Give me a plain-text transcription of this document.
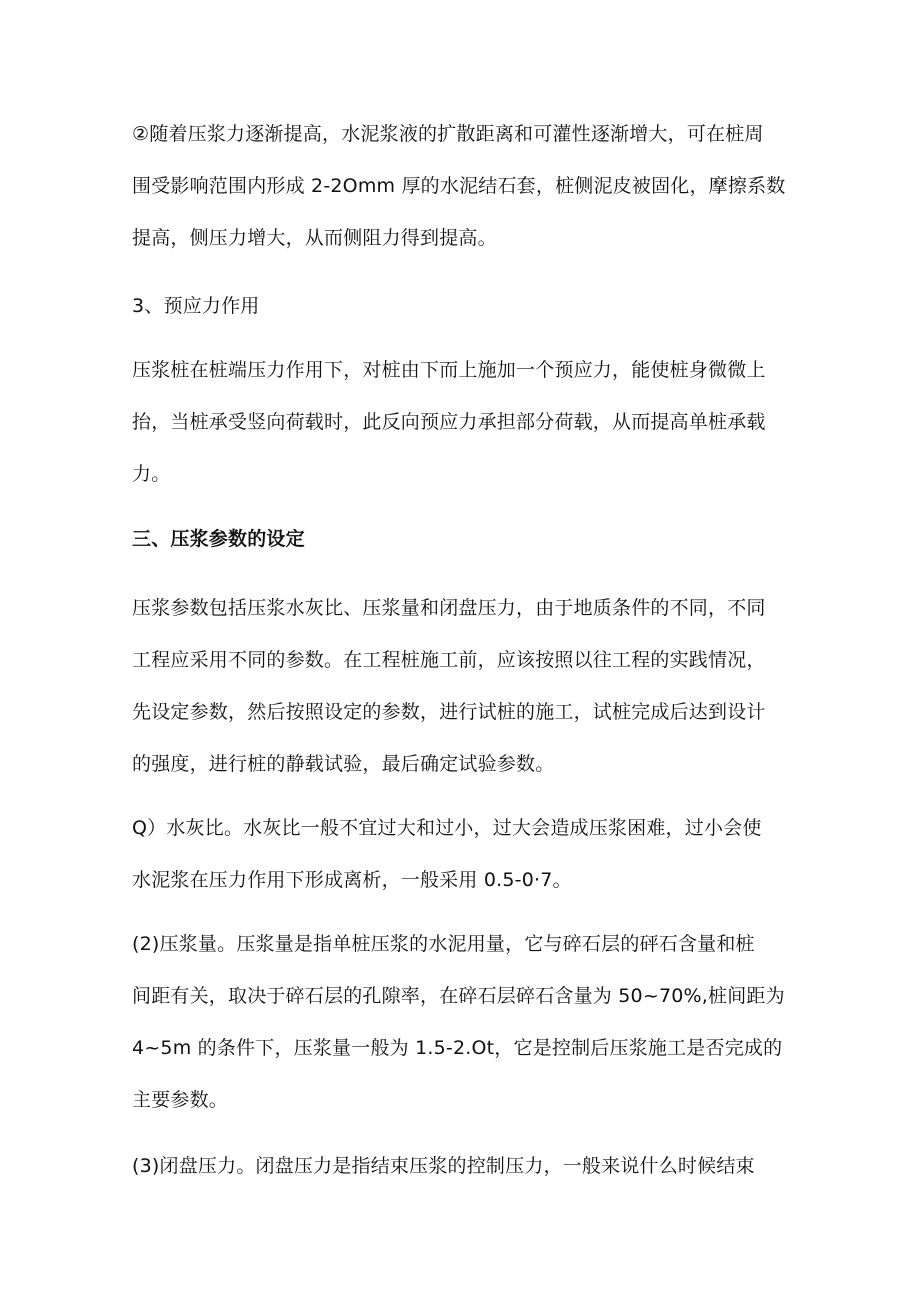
②随着压浆力逐渐提高，水泥浆液的扩散距离和可灌性逐渐增大，可在桩周
围受影响范围内形成 2-2Omm 厚的水泥结石套，桩侧泥皮被固化，摩擦系数
提高，侧压力增大，从而侧阻力得到提高。
3、预应力作用
压浆桩在桩端压力作用下，对桩由下而上施加一个预应力，能使桩身微微上
抬，当桩承受竖向荷载时，此反向预应力承担部分荷载，从而提高单桩承载
力。
三、压浆参数的设定
压浆参数包括压浆水灰比、压浆量和闭盘压力，由于地质条件的不同，不同
工程应采用不同的参数。在工程桩施工前，应该按照以往工程的实践情况，
先设定参数，然后按照设定的参数，进行试桩的施工，试桩完成后达到设计
的强度，进行桩的静载试验，最后确定试验参数。
Q）水灰比。水灰比一般不宜过大和过小，过大会造成压浆困难，过小会使
水泥浆在压力作用下形成离析，一般采用 0.5-0·7。
(2)压浆量。压浆量是指单桩压浆的水泥用量，它与碎石层的砰石含量和桩
间距有关，取决于碎石层的孔隙率，在碎石层碎石含量为 50~70%,桩间距为
4~5m 的条件下，压浆量一般为 1.5-2.Ot，它是控制后压浆施工是否完成的
主要参数。
(3)闭盘压力。闭盘压力是指结束压浆的控制压力，一般来说什么时候结束
